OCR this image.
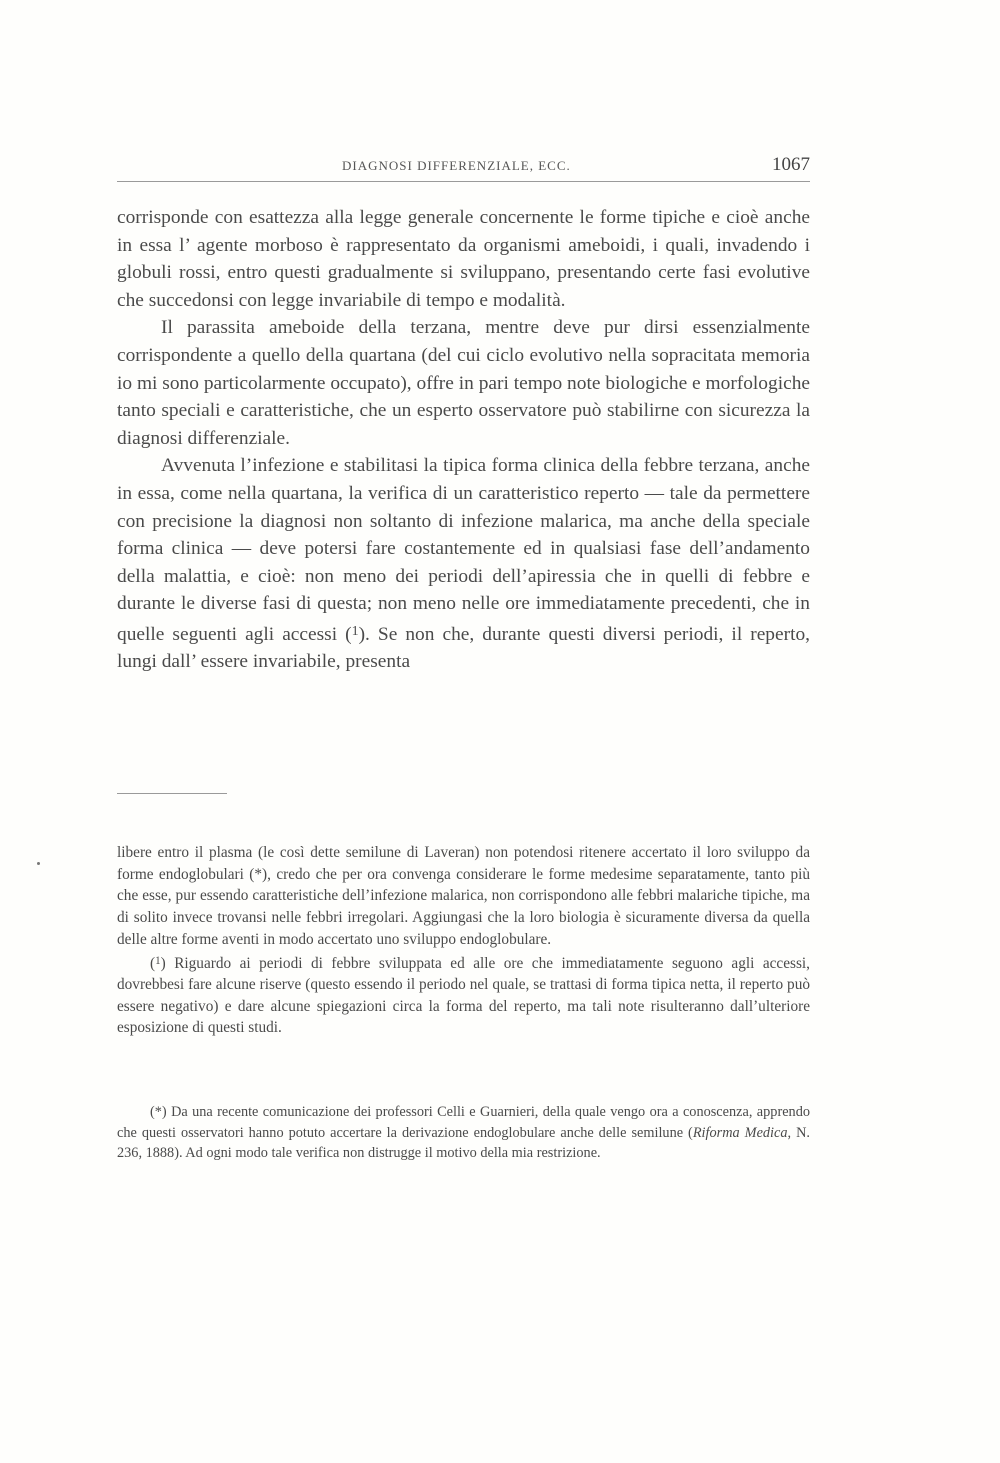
DIAGNOSI DIFFERENZIALE, ECC.	1067

corrisponde con esattezza alla legge generale concernente le forme tipiche e cioè anche in essa l’ agente morboso è rappresentato da organismi ameboidi, i quali, invadendo i globuli rossi, entro questi gradualmente si sviluppano, presentando certe fasi evolutive che succedonsi con legge invariabile di tempo e modalità.

Il parassita ameboide della terzana, mentre deve pur dirsi essenzialmente corrispondente a quello della quartana (del cui ciclo evolutivo nella sopracitata memoria io mi sono particolarmente occupato), offre in pari tempo note biologiche e morfologiche tanto speciali e caratteristiche, che un esperto osservatore può stabilirne con sicurezza la diagnosi differenziale.

Avvenuta l’infezione e stabilitasi la tipica forma clinica della febbre terzana, anche in essa, come nella quartana, la verifica di un caratteristico reperto — tale da permettere con precisione la diagnosi non soltanto di infezione malarica, ma anche della speciale forma clinica — deve potersi fare costantemente ed in qualsiasi fase dell’andamento della malattia, e cioè: non meno dei periodi dell’apiressia che in quelli di febbre e durante le diverse fasi di questa; non meno nelle ore immediatamente precedenti, che in quelle seguenti agli accessi ($^1$). Se non che, durante questi diversi periodi, il reperto, lungi dall’ essere invariabile, presenta

libere entro il plasma (le così dette semilune di Laveran) non potendosi ritenere accertato il loro sviluppo da forme endoglobulari (*), credo che per ora convenga considerare le forme medesime separatamente, tanto più che esse, pur essendo caratteristiche dell’infezione malarica, non corrispondono alle febbri malariche tipiche, ma di solito invece trovansi nelle febbri irregolari. Aggiungasi che la loro biologia è sicuramente diversa da quella delle altre forme aventi in modo accertato uno sviluppo endoglobulare.

($^1$) Riguardo ai periodi di febbre sviluppata ed alle ore che immediatamente seguono agli accessi, dovrebbesi fare alcune riserve (questo essendo il periodo nel quale, se trattasi di forma tipica netta, il reperto può essere negativo) e dare alcune spiegazioni circa la forma del reperto, ma tali note risulteranno dall’ulteriore esposizione di questi studi.

(*) Da una recente comunicazione dei professori Celli e Guarnieri, della quale vengo ora a conoscenza, apprendo che questi osservatori hanno potuto accertare la derivazione endoglobulare anche delle semilune (Riforma Medica, N. 236, 1888). Ad ogni modo tale verifica non distrugge il motivo della mia restrizione.
